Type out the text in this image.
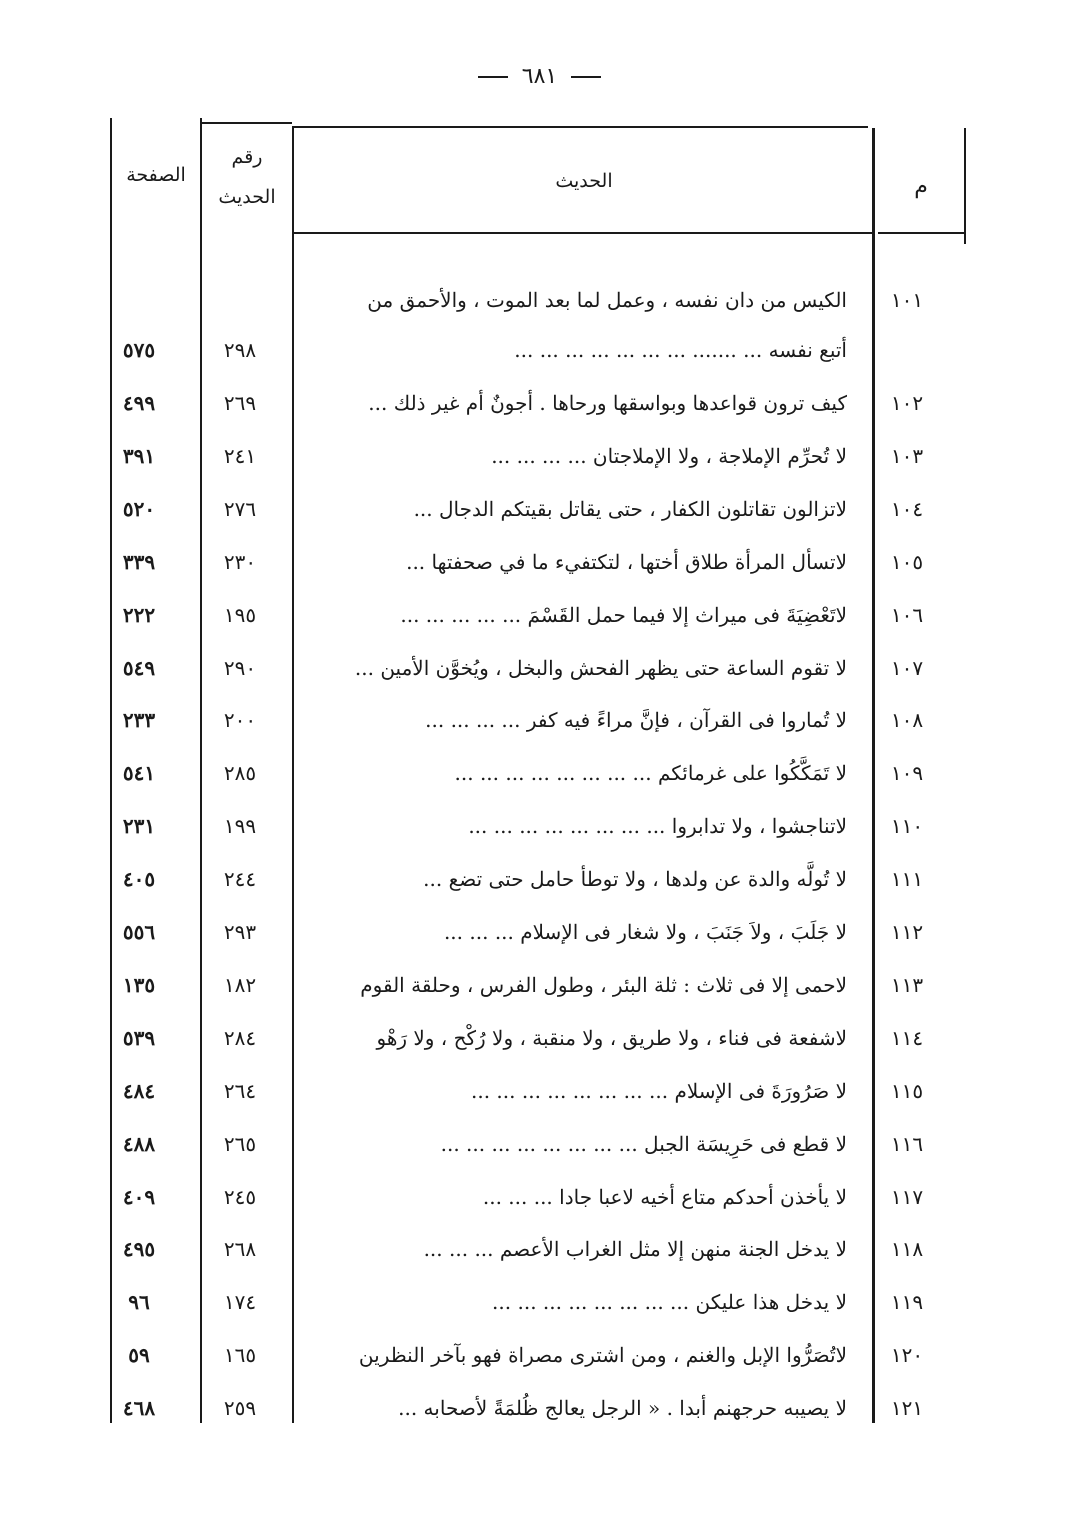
٦٨١
م
الحديث
رقم
الحديث
الصفحة
١٠١
الكيس من دان نفسه ، وعمل لما بعد الموت ، والأحمق من
أتبع نفسه ... ....... ... ... ... ... ... ... ...
٢٩٨
٥٧٥
١٠٢
كيف ترون قواعدها وبواسقها ورحاها . أجونٌ أم غير ذلك ...
٢٦٩
٤٩٩
١٠٣
لا تُحرِّم الإملاجة ، ولا الإملاجتان ... ... ... ...
٢٤١
٣٩١
١٠٤
لاتزالون تقاتلون الكفار ، حتى يقاتل بقيتكم الدجال ...
٢٧٦
٥٢٠
١٠٥
لاتسأل المرأة طلاق أختها ، لتكتفيء ما في صحفتها ...
٢٣٠
٣٣٩
١٠٦
لاتَعْضِيَةَ فى ميراث إلا فيما حمل القَسْمَ ... ... ... ... ...
١٩٥
٢٢٢
١٠٧
لا تقوم الساعة حتى يظهر الفحش والبخل ، ويُخوَّن الأمين ...
٢٩٠
٥٤٩
١٠٨
لا تُماروا فى القرآن ، فإنَّ مراءً فيه كفر ... ... ... ...
٢٠٠
٢٣٣
١٠٩
لا تَمَكَّكُوا على غرمائكم ... ... ... ... ... ... ... ...
٢٨٥
٥٤١
١١٠
لاتناجشوا ، ولا تدابروا ... ... ... ... ... ... ... ...
١٩٩
٢٣١
١١١
لا تُولَّه والدة عن ولدها ، ولا توطأ حامل حتى تضع ...
٢٤٤
٤٠٥
١١٢
لا جَلَبَ ، ولاَ جَنَبَ ، ولا شغار فى الإسلام ... ... ...
٢٩٣
٥٥٦
١١٣
لاحمى إلا فى ثلاث : ثلة البئر ، وطول الفرس ، وحلقة القوم
١٨٢
١٣٥
١١٤
لاشفعة فى فناء ، ولا طريق ، ولا منقبة ، ولا رُكْح ، ولا رَهْو
٢٨٤
٥٣٩
١١٥
لا صَرُورَةَ فى الإسلام ... ... ... ... ... ... ... ...
٢٦٤
٤٨٤
١١٦
لا قطع فى حَرِيسَة الجبل ... ... ... ... ... ... ... ...
٢٦٥
٤٨٨
١١٧
لا يأخذن أحدكم متاع أخيه لاعبا جادا ... ... ...
٢٤٥
٤٠٩
١١٨
لا يدخل الجنة منهن إلا مثل الغراب الأعصم ... ... ...
٢٦٨
٤٩٥
١١٩
لا يدخل هذا عليكن ... ... ... ... ... ... ... ...
١٧٤
٩٦
١٢٠
لاتُصَرُّوا الإبل والغنم ، ومن اشترى مصراة فهو بآخر النظرين
١٦٥
٥٩
١٢١
لا يصيبه حرجهنم أبدا . « الرجل يعالج ظُلمَةً لأصحابه ...
٢٥٩
٤٦٨
